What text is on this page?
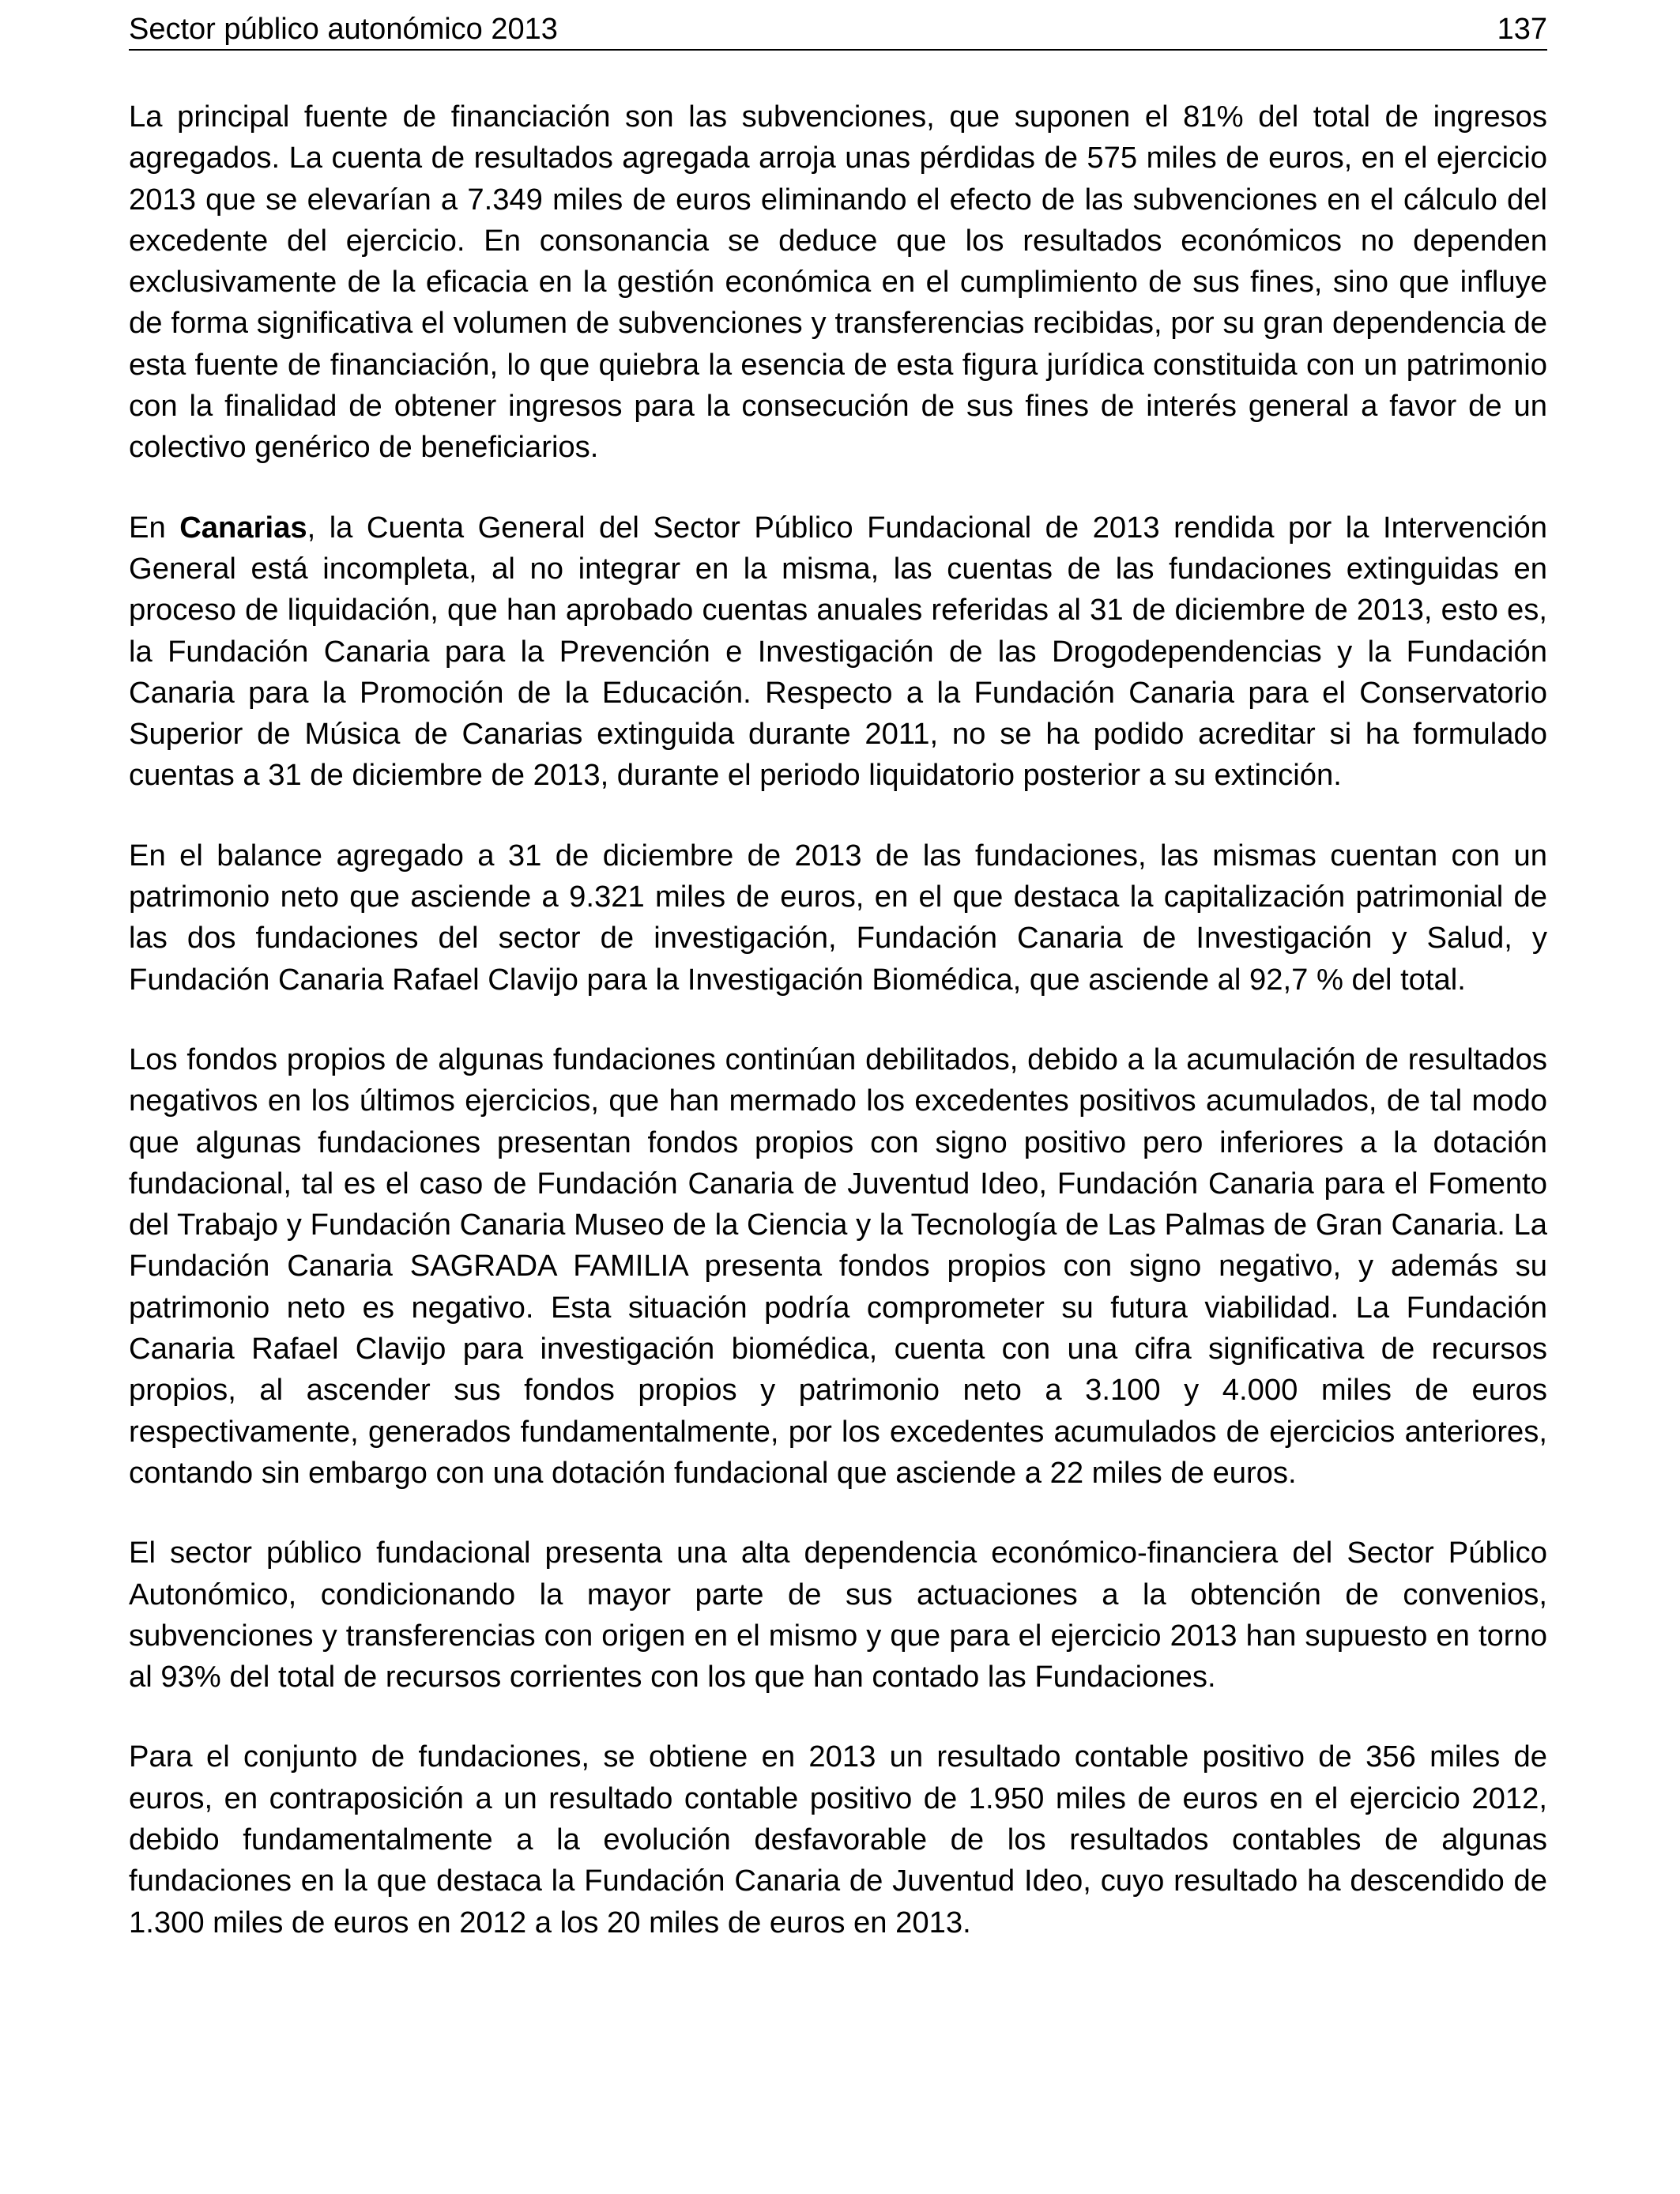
Sector público autonómico 2013	137

La principal fuente de financiación son las subvenciones, que suponen el 81% del total de ingresos agregados. La cuenta de resultados agregada arroja unas pérdidas de 575 miles de euros, en el ejercicio 2013 que se elevarían a 7.349 miles de euros eliminando el efecto de las subvenciones en el cálculo del excedente del ejercicio. En consonancia se deduce que los resultados económicos no dependen exclusivamente de la eficacia en la gestión económica en el cumplimiento de sus fines, sino que influye de forma significativa el volumen de subvenciones y transferencias recibidas, por su gran dependencia de esta fuente de financiación, lo que quiebra la esencia de esta figura jurídica constituida con un patrimonio con la finalidad de obtener ingresos para la consecución de sus fines de interés general a favor de un colectivo genérico de beneficiarios.

En Canarias, la Cuenta General del Sector Público Fundacional de 2013 rendida por la Intervención General está incompleta, al no integrar en la misma, las cuentas de las fundaciones extinguidas en proceso de liquidación, que han aprobado cuentas anuales referidas al 31 de diciembre de 2013, esto es, la Fundación Canaria para la Prevención e Investigación de las Drogodependencias y la Fundación Canaria para la Promoción de la Educación. Respecto a la Fundación Canaria para el Conservatorio Superior de Música de Canarias extinguida durante 2011, no se ha podido acreditar si ha formulado cuentas a 31 de diciembre de 2013, durante el periodo liquidatorio posterior a su extinción.

En el balance agregado a 31 de diciembre de 2013 de las fundaciones, las mismas cuentan con un patrimonio neto que asciende a 9.321 miles de euros, en el que destaca la capitalización patrimonial de las dos fundaciones del sector de investigación, Fundación Canaria de Investigación y Salud, y Fundación Canaria Rafael Clavijo para la Investigación Biomédica, que asciende al 92,7 % del total.

Los fondos propios de algunas fundaciones continúan debilitados, debido a la acumulación de resultados negativos en los últimos ejercicios, que han mermado los excedentes positivos acumulados, de tal modo que algunas fundaciones presentan fondos propios con signo positivo pero inferiores a la dotación fundacional, tal es el caso de Fundación Canaria de Juventud Ideo, Fundación Canaria para el Fomento del Trabajo y Fundación Canaria Museo de la Ciencia y la Tecnología de Las Palmas de Gran Canaria. La Fundación Canaria SAGRADA FAMILIA presenta fondos propios con signo negativo, y además su patrimonio neto es negativo. Esta situación podría comprometer su futura viabilidad. La Fundación Canaria Rafael Clavijo para investigación biomédica, cuenta con una cifra significativa de recursos propios, al ascender sus fondos propios y patrimonio neto a 3.100 y 4.000 miles de euros respectivamente, generados fundamentalmente, por los excedentes acumulados de ejercicios anteriores, contando sin embargo con una dotación fundacional que asciende a 22 miles de euros.

El sector público fundacional presenta una alta dependencia económico-financiera del Sector Público Autonómico, condicionando la mayor parte de sus actuaciones a la obtención de convenios, subvenciones y transferencias con origen en el mismo y que para el ejercicio 2013 han supuesto en torno al 93% del total de recursos corrientes con los que han contado las Fundaciones.

Para el conjunto de fundaciones, se obtiene en 2013 un resultado contable positivo de 356 miles de euros, en contraposición a un resultado contable positivo de 1.950 miles de euros en el ejercicio 2012, debido fundamentalmente a la evolución desfavorable de los resultados contables de algunas fundaciones en la que destaca la Fundación Canaria de Juventud Ideo, cuyo resultado ha descendido de 1.300 miles de euros en 2012 a los 20 miles de euros en 2013.
